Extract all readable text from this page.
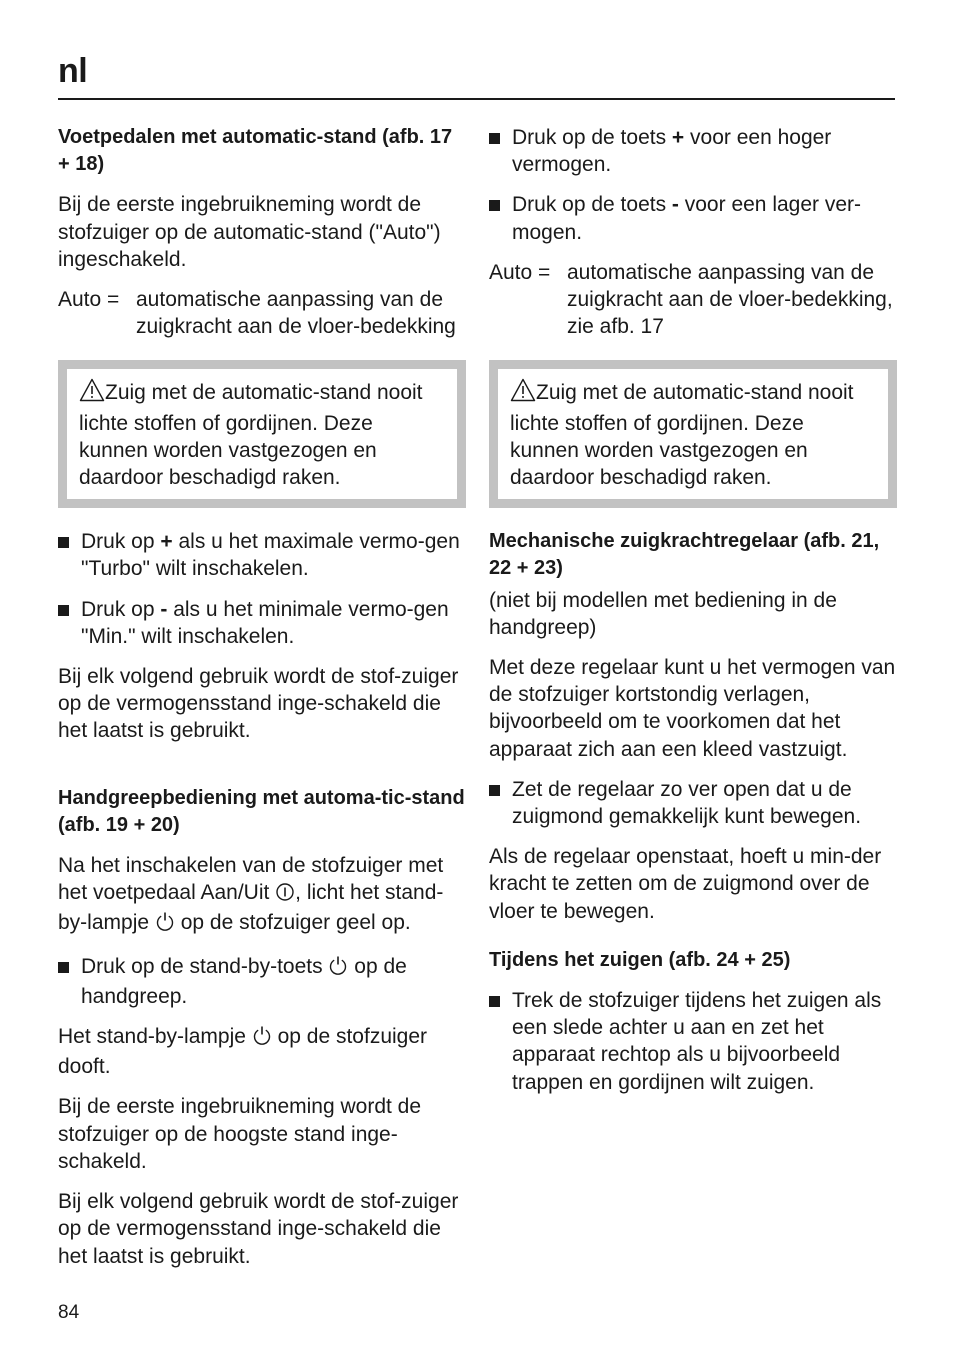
nl
Voetpedalen met automatic-stand (afb. 17 + 18)

Bij de eerste ingebruikneming wordt de stofzuiger op de automatic-stand ("Auto") ingeschakeld.

Auto = automatische aanpassing van de zuigkracht aan de vloer-bedekking
Zuig met de automatic-stand nooit lichte stoffen of gordijnen. Deze kunnen worden vastgezogen en daardoor beschadigd raken.
Druk op + als u het maximale vermo-gen "Turbo" wilt inschakelen.
Druk op - als u het minimale vermo-gen "Min." wilt inschakelen.

Bij elk volgend gebruik wordt de stof-zuiger op de vermogensstand inge-schakeld die het laatst is gebruikt.

Handgreepbediening met automa-tic-stand (afb. 19 + 20)

Na het inschakelen van de stofzuiger met het voetpedaal Aan/Uit , licht het stand-by-lampje  op de stofzuiger geel op.

Druk op de stand-by-toets  op de handgreep.

Het stand-by-lampje  op de stofzuiger dooft.

Bij de eerste ingebruikneming wordt de stofzuiger op de hoogste stand inge-schakeld.

Bij elk volgend gebruik wordt de stof-zuiger op de vermogensstand inge-schakeld die het laatst is gebruikt.

Druk op de toets + voor een hoger vermogen.
Druk op de toets - voor een lager ver-mogen.
Auto = automatische aanpassing van de zuigkracht aan de vloer-bedekking, zie afb. 17
Zuig met de automatic-stand nooit lichte stoffen of gordijnen. Deze kunnen worden vastgezogen en daardoor beschadigd raken.
Mechanische zuigkrachtregelaar (afb. 21, 22 + 23)

(niet bij modellen met bediening in de handgreep)

Met deze regelaar kunt u het vermogen van de stofzuiger kortstondig verlagen, bijvoorbeeld om te voorkomen dat het apparaat zich aan een kleed vastzuigt.

Zet de regelaar zo ver open dat u de zuigmond gemakkelijk kunt bewegen.

Als de regelaar openstaat, hoeft u min-der kracht te zetten om de zuigmond over de vloer te bewegen.

Tijdens het zuigen (afb. 24 + 25)
Trek de stofzuiger tijdens het zuigen als een slede achter u aan en zet het apparaat rechtop als u bijvoorbeeld trappen en gordijnen wilt zuigen.
84
